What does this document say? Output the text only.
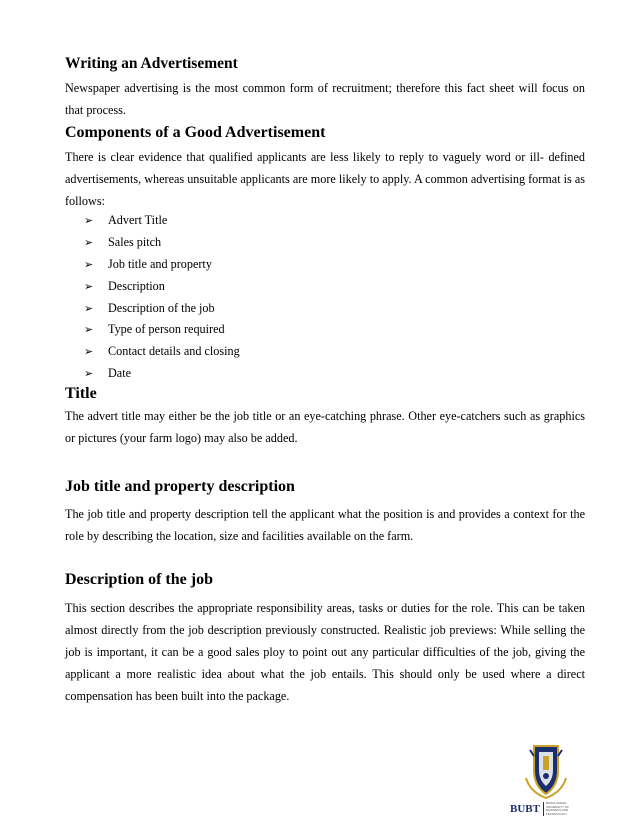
Writing an Advertisement

Newspaper advertising is the most common form of recruitment; therefore this fact sheet will focus on that process.

Components of a Good Advertisement

There is clear evidence that qualified applicants are less likely to reply to vaguely word or ill- defined advertisements, whereas unsuitable applicants are more likely to apply. A common advertising format is as follows:

➢	Advert Title
➢	Sales pitch
➢	Job title and property
➢	Description
➢	Description of the job
➢	Type of person required
➢	Contact details and closing
➢	Date
Title

The advert title may either be the job title or an eye-catching phrase. Other eye-catchers such as graphics or pictures (your farm logo) may also be added.

Job title and property description

The job title and property description tell the applicant what the position is and provides a context for the role by describing the location, size and facilities available on the farm.

Description of the job

This section describes the appropriate responsibility areas, tasks or duties for the role. This can be taken almost directly from the job description previously constructed. Realistic job previews: While selling the job is important, it can be a good sales ploy to point out any particular difficulties of the job, giving the applicant a more realistic idea about what the job entails. This should only be used where a direct compensation has been built into the package.

BUBT	BANGLADESH UNIVERSITY OF BUSINESS AND TECHNOLOGY
